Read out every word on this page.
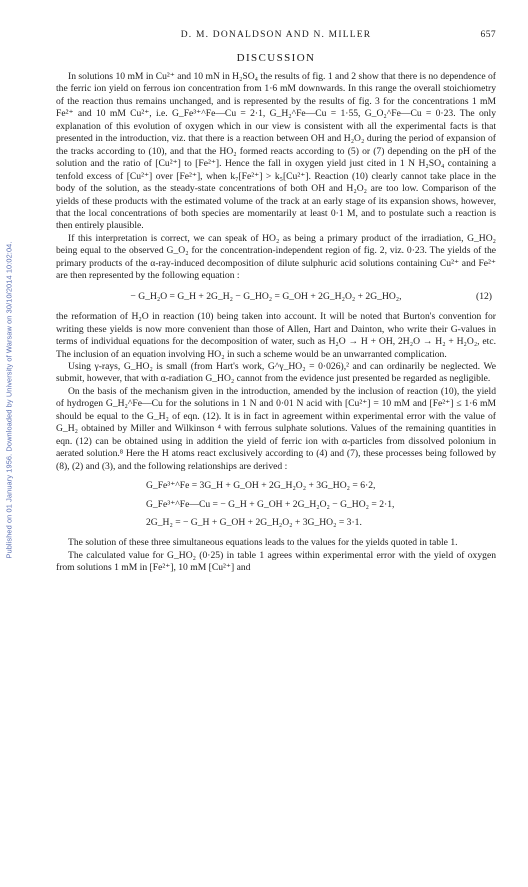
Published on 01 January 1956. Downloaded by University of Warsaw on 30/10/2014 10:02:04.
D. M. DONALDSON AND N. MILLER	657
DISCUSSION

In solutions 10 mM in Cu²⁺ and 10 mN in H₂SO₄ the results of fig. 1 and 2 show that there is no dependence of the ferric ion yield on ferrous ion concentration from 1·6 mM downwards. In this range the overall stoichiometry of the reaction thus remains unchanged, and is represented by the results of fig. 3 for the concentrations 1 mM Fe²⁺ and 10 mM Cu²⁺, i.e. G_Fe³⁺^Fe—Cu = 2·1, G_H₂^Fe—Cu = 1·55, G_O₂^Fe—Cu = 0·23. The only explanation of this evolution of oxygen which in our view is consistent with all the experimental facts is that presented in the introduction, viz. that there is a reaction between OH and H₂O₂ during the period of expansion of the tracks according to (10), and that the HO₂ formed reacts according to (5) or (7) depending on the pH of the solution and the ratio of [Cu²⁺] to [Fe²⁺]. Hence the fall in oxygen yield just cited in 1 N H₂SO₄ containing a tenfold excess of [Cu²⁺] over [Fe²⁺], when k₇[Fe²⁺] > k₅[Cu²⁺]. Reaction (10) clearly cannot take place in the body of the solution, as the steady-state concentrations of both OH and H₂O₂ are too low. Comparison of the yields of these products with the estimated volume of the track at an early stage of its expansion shows, however, that the local concentrations of both species are momentarily at least 0·1 M, and to postulate such a reaction is then entirely plausible.

If this interpretation is correct, we can speak of HO₂ as being a primary product of the irradiation, G_HO₂ being equal to the observed G_O₂ for the concentration-independent region of fig. 2, viz. 0·23. The yields of the primary products of the α-ray-induced decomposition of dilute sulphuric acid solutions containing Cu²⁺ and Fe²⁺ are then represented by the following equation :

− G_H₂O = G_H + 2G_H₂ − G_HO₂ = G_OH + 2G_H₂O₂ + 2G_HO₂,	(12)

the reformation of H₂O in reaction (10) being taken into account. It will be noted that Burton's convention for writing these yields is now more convenient than those of Allen, Hart and Dainton, who write their G-values in terms of individual equations for the decomposition of water, such as H₂O → H + OH, 2H₂O → H₂ + H₂O₂, etc. The inclusion of an equation involving HO₂ in such a scheme would be an unwarranted complication.

Using γ-rays, G_HO₂ is small (from Hart's work, G^γ_HO₂ = 0·026),² and can ordinarily be neglected. We submit, however, that with α-radiation G_HO₂ cannot from the evidence just presented be regarded as negligible.

On the basis of the mechanism given in the introduction, amended by the inclusion of reaction (10), the yield of hydrogen G_H₂^Fe—Cu for the solutions in 1 N and 0·01 N acid with [Cu²⁺] = 10 mM and [Fe²⁺] ≤ 1·6 mM should be equal to the G_H₂ of eqn. (12). It is in fact in agreement within experimental error with the value of G_H₂ obtained by Miller and Wilkinson ⁴ with ferrous sulphate solutions. Values of the remaining quantities in eqn. (12) can be obtained using in addition the yield of ferric ion with α-particles from dissolved polonium in aerated solution.⁸ Here the H atoms react exclusively according to (4) and (7), these processes being followed by (8), (2) and (3), and the following relationships are derived :

G_Fe³⁺^Fe = 3G_H + G_OH + 2G_H₂O₂ + 3G_HO₂ = 6·2,
G_Fe³⁺^Fe—Cu = − G_H + G_OH + 2G_H₂O₂ − G_HO₂ = 2·1,
2G_H₂ = − G_H + G_OH + 2G_H₂O₂ + 3G_HO₂ = 3·1.

The solution of these three simultaneous equations leads to the values for the yields quoted in table 1.

The calculated value for G_HO₂ (0·25) in table 1 agrees within experimental error with the yield of oxygen from solutions 1 mM in [Fe²⁺], 10 mM [Cu²⁺] and
